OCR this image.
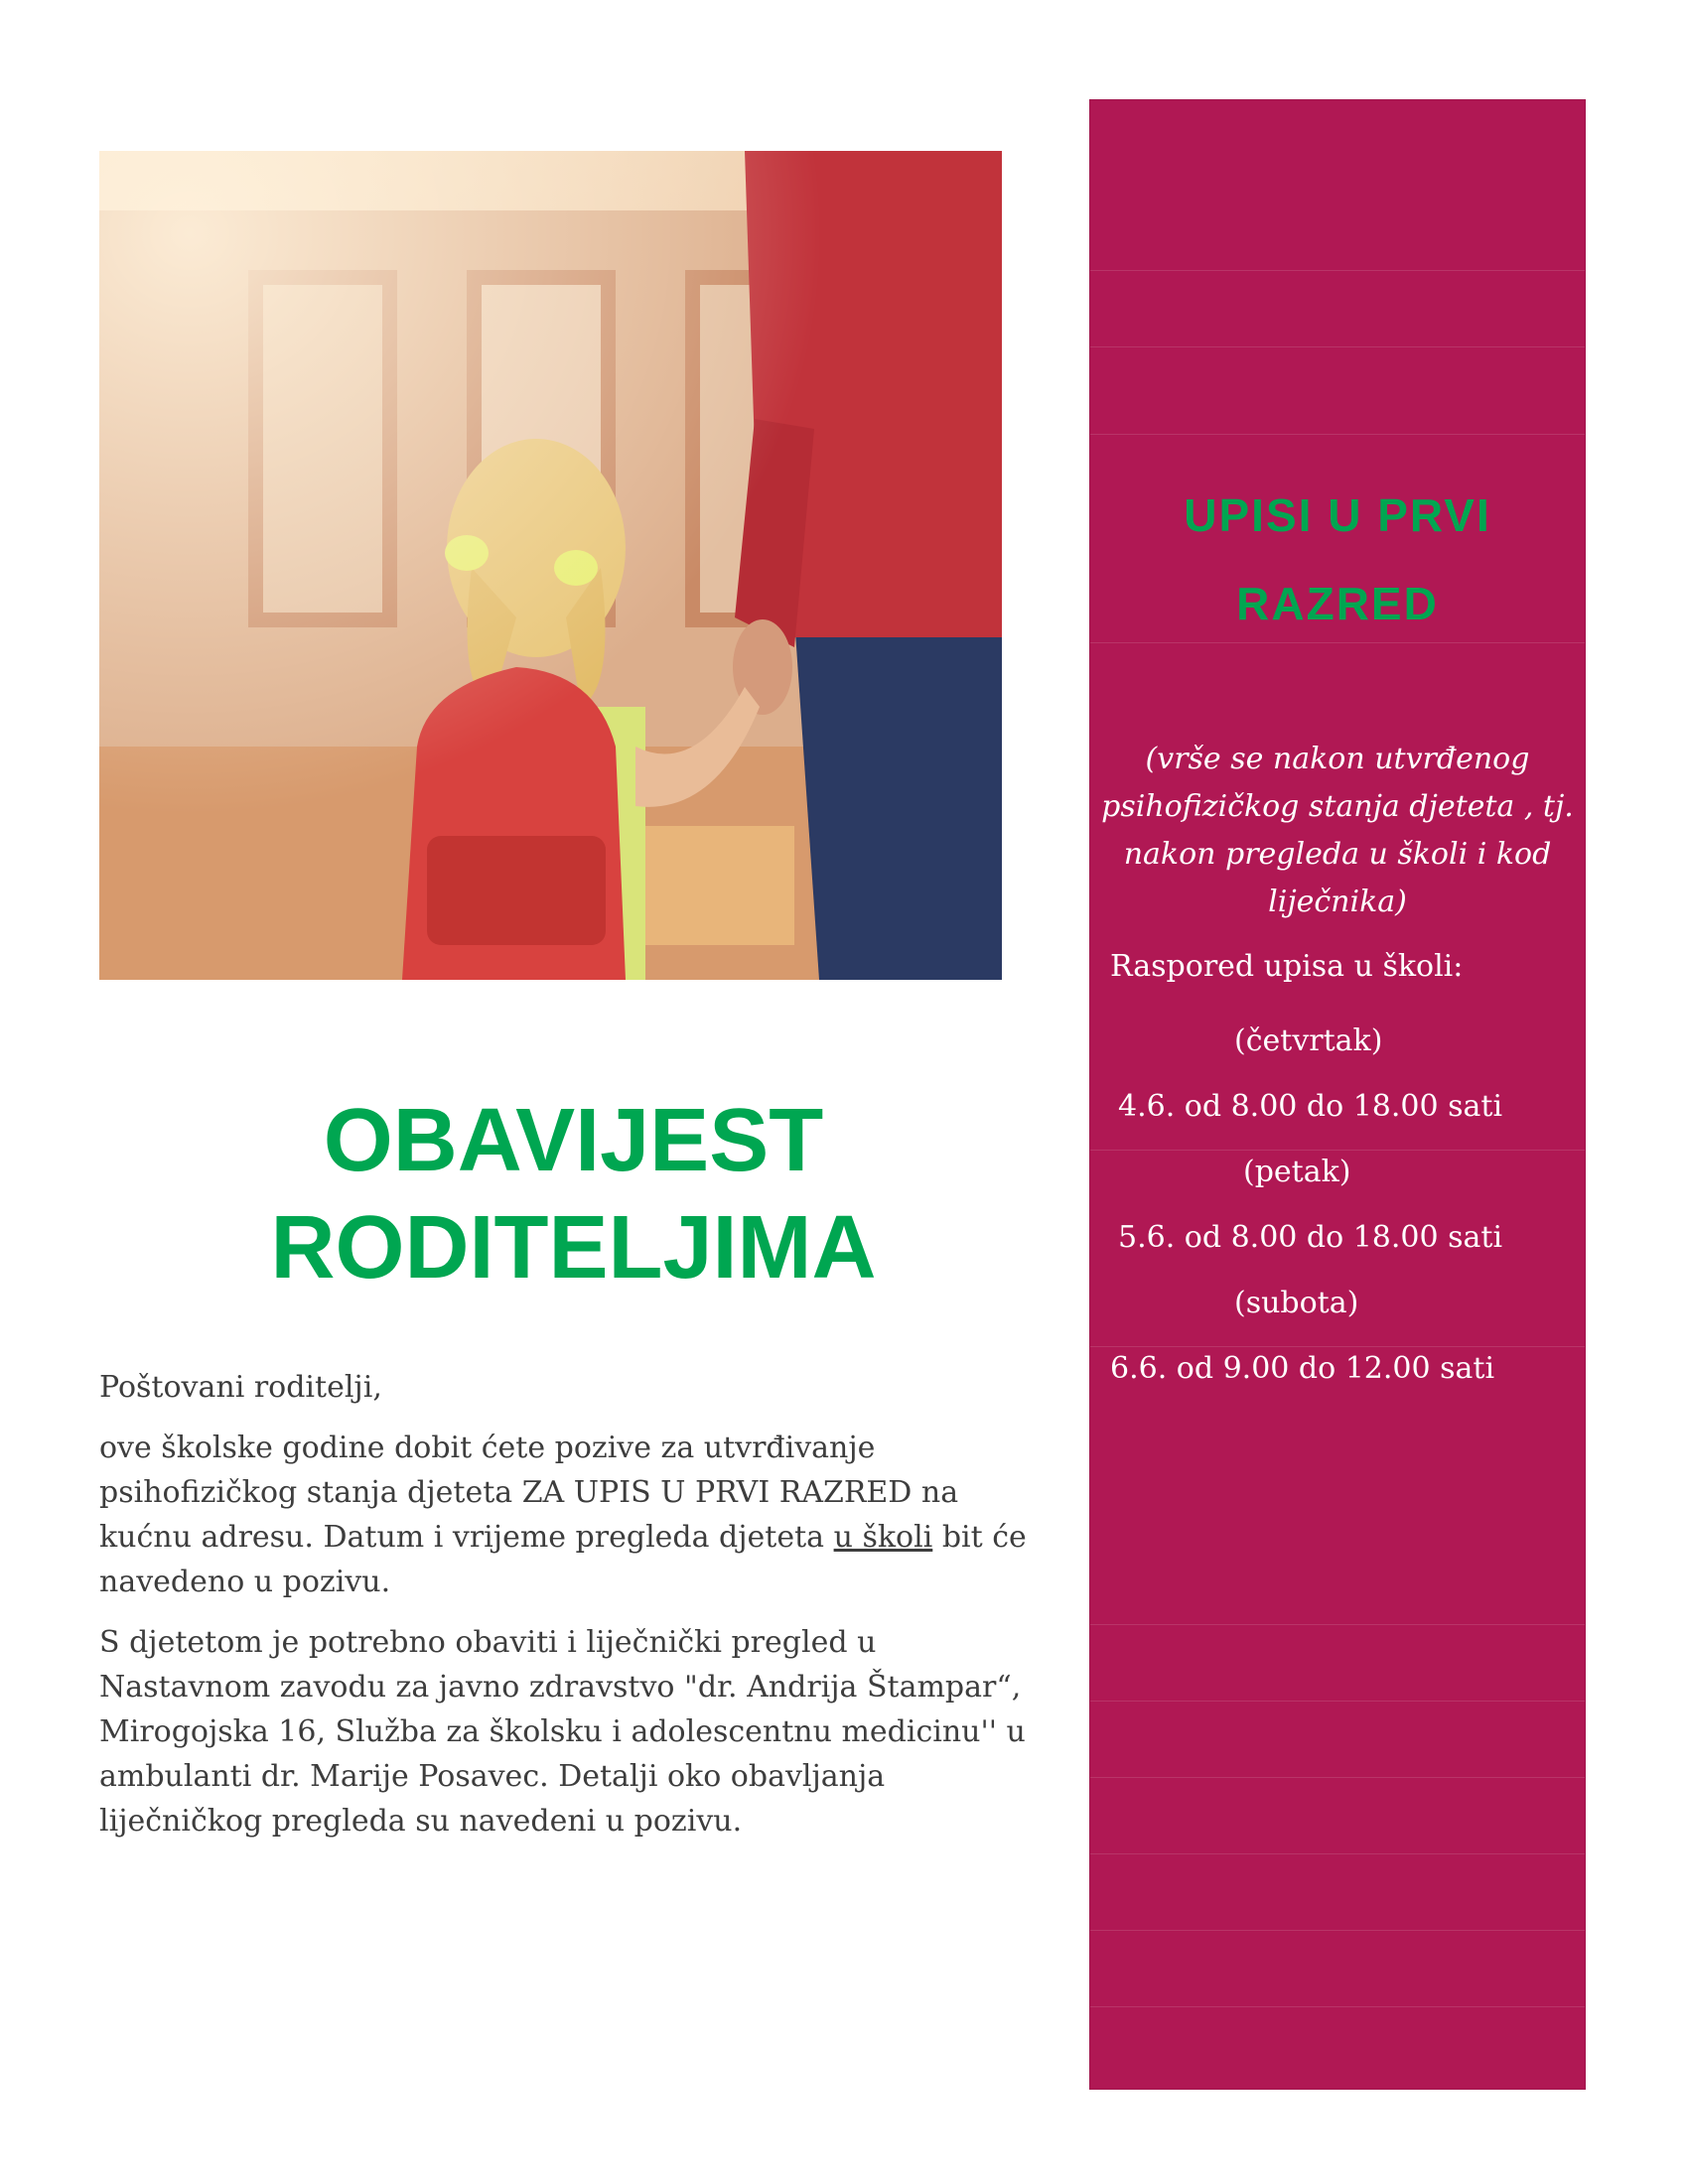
OBAVIJEST
RODITELJIMA

Poštovani roditelji,

ove školske godine dobit ćete pozive za utvrđivanje psihofizičkog stanja djeteta ZA UPIS U PRVI RAZRED na kućnu adresu. Datum i vrijeme pregleda djeteta u školi bit će navedeno u pozivu.

S djetetom je potrebno obaviti i liječnički pregled u Nastavnom zavodu za javno zdravstvo "dr. Andrija Štampar“, Mirogojska 16, Služba za školsku i adolescentnu medicinu'' u ambulanti dr. Marije Posavec. Detalji oko obavljanja liječničkog pregleda su navedeni u pozivu.

UPISI U PRVI
RAZRED
(vrše se nakon utvrđenog psihofizičkog stanja djeteta , tj. nakon pregleda u školi i kod liječnika)
Raspored upisa u školi:
(četvrtak)
4.6. od 8.00 do 18.00 sati
(petak)
5.6. od 8.00 do 18.00 sati
(subota)
6.6. od 9.00 do 12.00 sati
